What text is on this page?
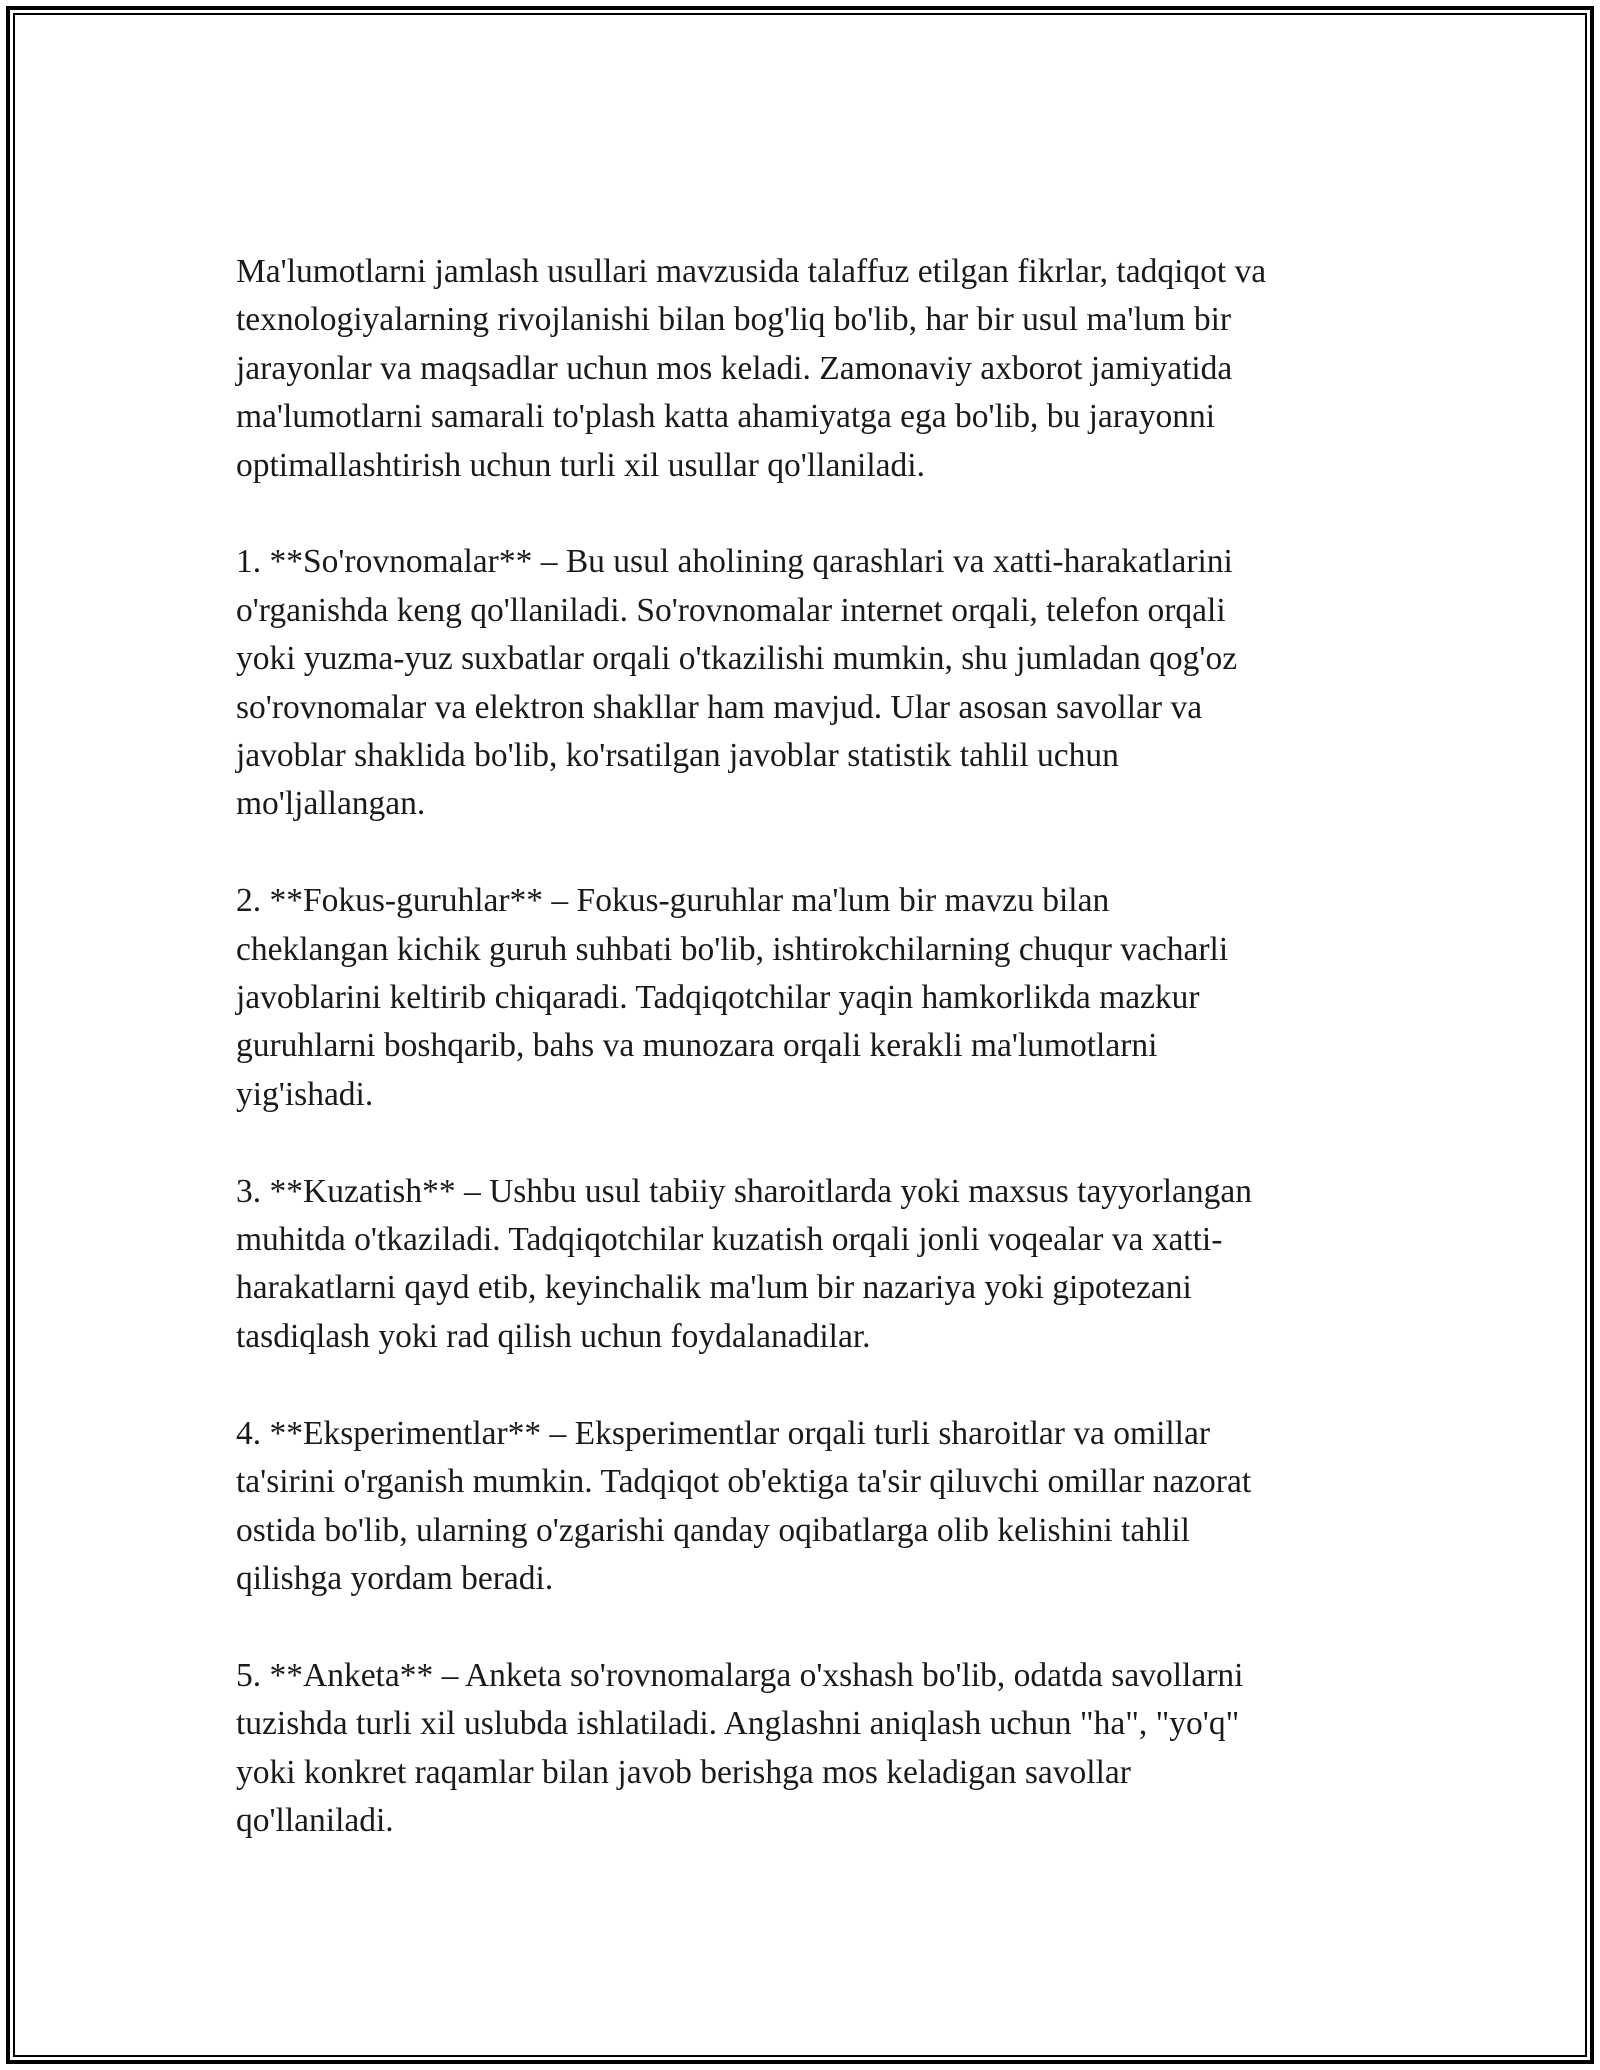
Ma'lumotlarni jamlash usullari mavzusida talaffuz etilgan fikrlar, tadqiqot va
texnologiyalarning rivojlanishi bilan bog'liq bo'lib, har bir usul ma'lum bir
jarayonlar va maqsadlar uchun mos keladi. Zamonaviy axborot jamiyatida
ma'lumotlarni samarali to'plash katta ahamiyatga ega bo'lib, bu jarayonni
optimallashtirish uchun turli xil usullar qo'llaniladi.

1. **So'rovnomalar** – Bu usul aholining qarashlari va xatti-harakatlarini
o'rganishda keng qo'llaniladi. So'rovnomalar internet orqali, telefon orqali
yoki yuzma-yuz suxbatlar orqali o'tkazilishi mumkin, shu jumladan qog'oz
so'rovnomalar va elektron shakllar ham mavjud. Ular asosan savollar va
javoblar shaklida bo'lib, ko'rsatilgan javoblar statistik tahlil uchun
mo'ljallangan.

2. **Fokus-guruhlar** – Fokus-guruhlar ma'lum bir mavzu bilan
cheklangan kichik guruh suhbati bo'lib, ishtirokchilarning chuqur vacharli
javoblarini keltirib chiqaradi. Tadqiqotchilar yaqin hamkorlikda mazkur
guruhlarni boshqarib, bahs va munozara orqali kerakli ma'lumotlarni
yig'ishadi.

3. **Kuzatish** – Ushbu usul tabiiy sharoitlarda yoki maxsus tayyorlangan
muhitda o'tkaziladi. Tadqiqotchilar kuzatish orqali jonli voqealar va xatti-
harakatlarni qayd etib, keyinchalik ma'lum bir nazariya yoki gipotezani
tasdiqlash yoki rad qilish uchun foydalanadilar.

4. **Eksperimentlar** – Eksperimentlar orqali turli sharoitlar va omillar
ta'sirini o'rganish mumkin. Tadqiqot ob'ektiga ta'sir qiluvchi omillar nazorat
ostida bo'lib, ularning o'zgarishi qanday oqibatlarga olib kelishini tahlil
qilishga yordam beradi.

5. **Anketa** – Anketa so'rovnomalarga o'xshash bo'lib, odatda savollarni
tuzishda turli xil uslubda ishlatiladi. Anglashni aniqlash uchun "ha", "yo'q"
yoki konkret raqamlar bilan javob berishga mos keladigan savollar
qo'llaniladi.
